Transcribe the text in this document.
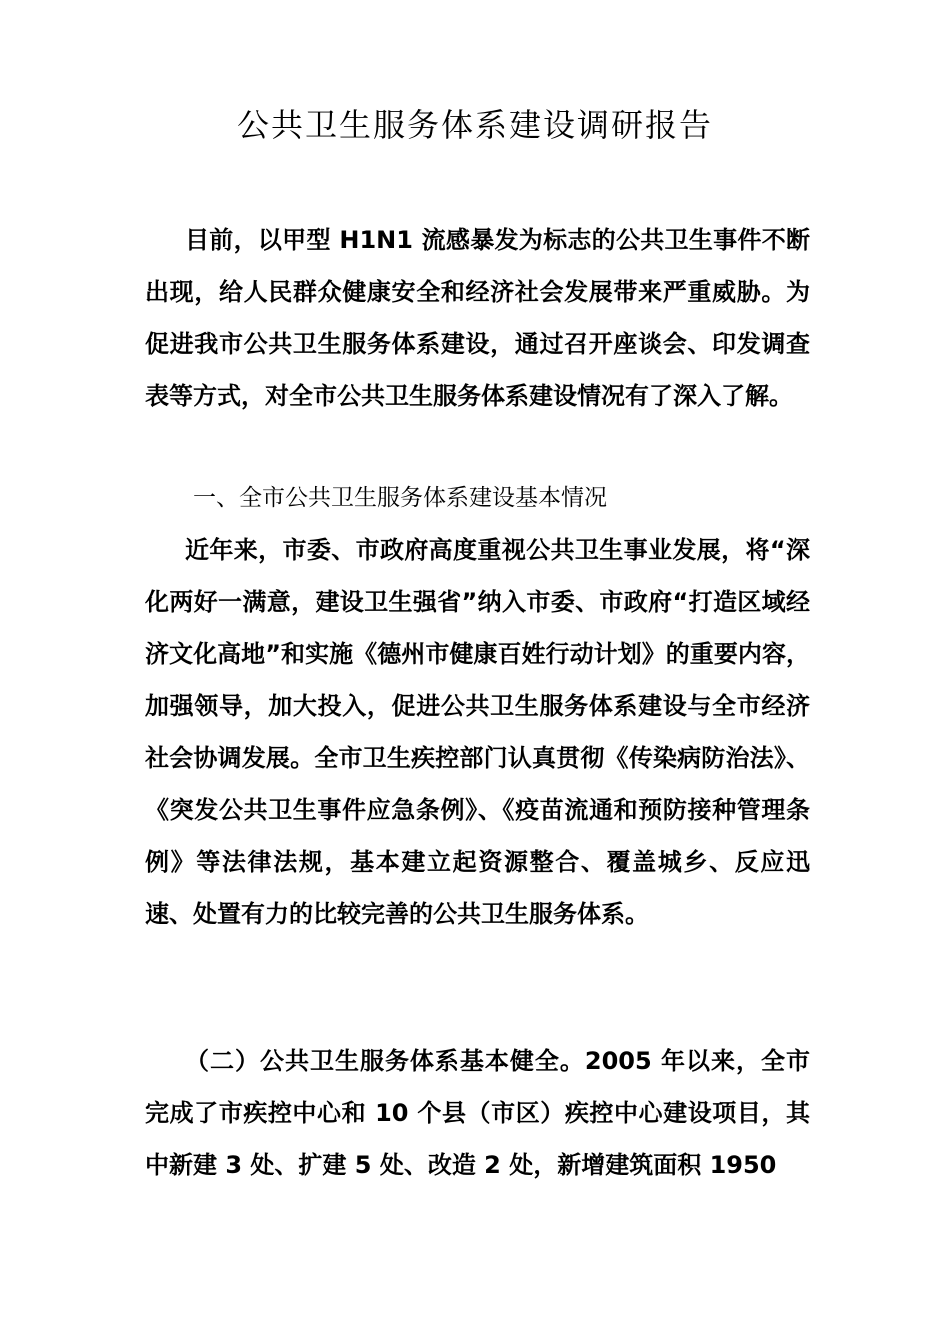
公共卫生服务体系建设调研报告

目前，以甲型 H1N1 流感暴发为标志的公共卫生事件不断出现，给人民群众健康安全和经济社会发展带来严重威胁。为促进我市公共卫生服务体系建设，通过召开座谈会、印发调查表等方式，对全市公共卫生服务体系建设情况有了深入了解。

一、全市公共卫生服务体系建设基本情况

近年来，市委、市政府高度重视公共卫生事业发展，将“深化两好一满意，建设卫生强省”纳入市委、市政府“打造区域经济文化高地”和实施《德州市健康百姓行动计划》的重要内容，加强领导，加大投入，促进公共卫生服务体系建设与全市经济社会协调发展。全市卫生疾控部门认真贯彻《传染病防治法》、《突发公共卫生事件应急条例》、《疫苗流通和预防接种管理条例》等法律法规，基本建立起资源整合、覆盖城乡、反应迅速、处置有力的比较完善的公共卫生服务体系。

（二）公共卫生服务体系基本健全。2005 年以来，全市完成了市疾控中心和 10 个县（市区）疾控中心建设项目，其中新建 3 处、扩建 5 处、改造 2 处，新增建筑面积 1950
